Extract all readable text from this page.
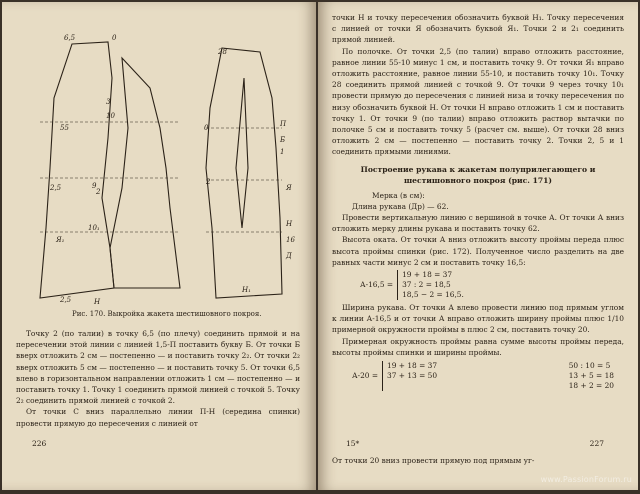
6,5	0
10
3
2
55
9
2,5
10₁
Я₁
2,5	Н
0	П
Б
1
2
Я
Н
16
Д
Н₁
28
Рис. 170. Выкройка жакета шестишовного покроя.

Точку 2 (по талии) в точку 6,5 (по плечу) соединить прямой и на пересечении этой линии с линией 1,5-П поставить букву Б. От точки Б вверх отложить 2 см — постепенно — и поставить точку 2₂. От точки 2₂ вверх отложить 5 см — постепенно — и поставить точку 5. От точки 6,5 влево в горизонтальном направлении отложить 1 см — постепенно — и поставить точку 1. Точку 1 соединить прямой линией с точкой 5. Точку 2₂ соединить прямой линией с точкой 2.

От точки С вниз параллельно линии П-Н (середина спинки) провести прямую до пересечения с линией от

226

точки Н и точку пересечения обозначить буквой Н₁. Точку пересечения с линией от точки Я обозначить буквой Я₁. Точки 2 и 2₁ соединить прямой линией.

По полочке. От точки 2,5 (по талии) вправо отложить расстояние, равное линии 55-10 минус 1 см, и поставить точку 9. От точки Я₁ вправо отложить расстояние, равное линии 55-10, и поставить точку 10₁. Точку 28 соединить прямой линией с точкой 9. От точки 9 через точку 10₁ провести прямую до пересечения с линией низа и точку пересечения по низу обозначить буквой Н. От точки Н вправо отложить 1 см и поставить точку 1. От точки 9 (по талии) вправо отложить раствор вытачки по полочке 5 см и поставить точку 5 (расчет см. выше). От точки 28 вниз отложить 2 см — постепенно — поставить точку 2. Точки 2, 5 и 1 соединить прямыми линиями.

Построение рукава к жакетам полуприлегающего и шестишовного покроя (рис. 171)

Мерка (в см):

Длина рукава (Др) — 62.

Провести вертикальную линию с вершиной в точке А. От точки А вниз отложить мерку длины рукава и поставить точку 62.

Высота оката. От точки А вниз отложить высоту проймы переда плюс высота проймы спинки (рис. 172). Полученное число разделить на две равных части минус 2 см и поставить точку 16,5:

А-16,5 =
19 + 18 = 37
37 : 2 = 18,5
18,5 − 2 = 16,5.

Ширина рукава. От точки А влево провести линию под прямым углом к линии А-16,5 и от точки А вправо отложить ширину проймы плюс 1/10 примерной окружности проймы в плюс 2 см, поставить точку 20.

Примерная окружность проймы равна сумме высоты проймы переда, высоты проймы спинки и ширины проймы.

А-20 =
19 + 18 = 37
37 + 13 = 50
50 : 10 = 5
13 + 5 = 18
18 + 2 = 20
15*	227
От точки 20 вниз провести прямую под прямым уг-
www.PassionForum.ru
